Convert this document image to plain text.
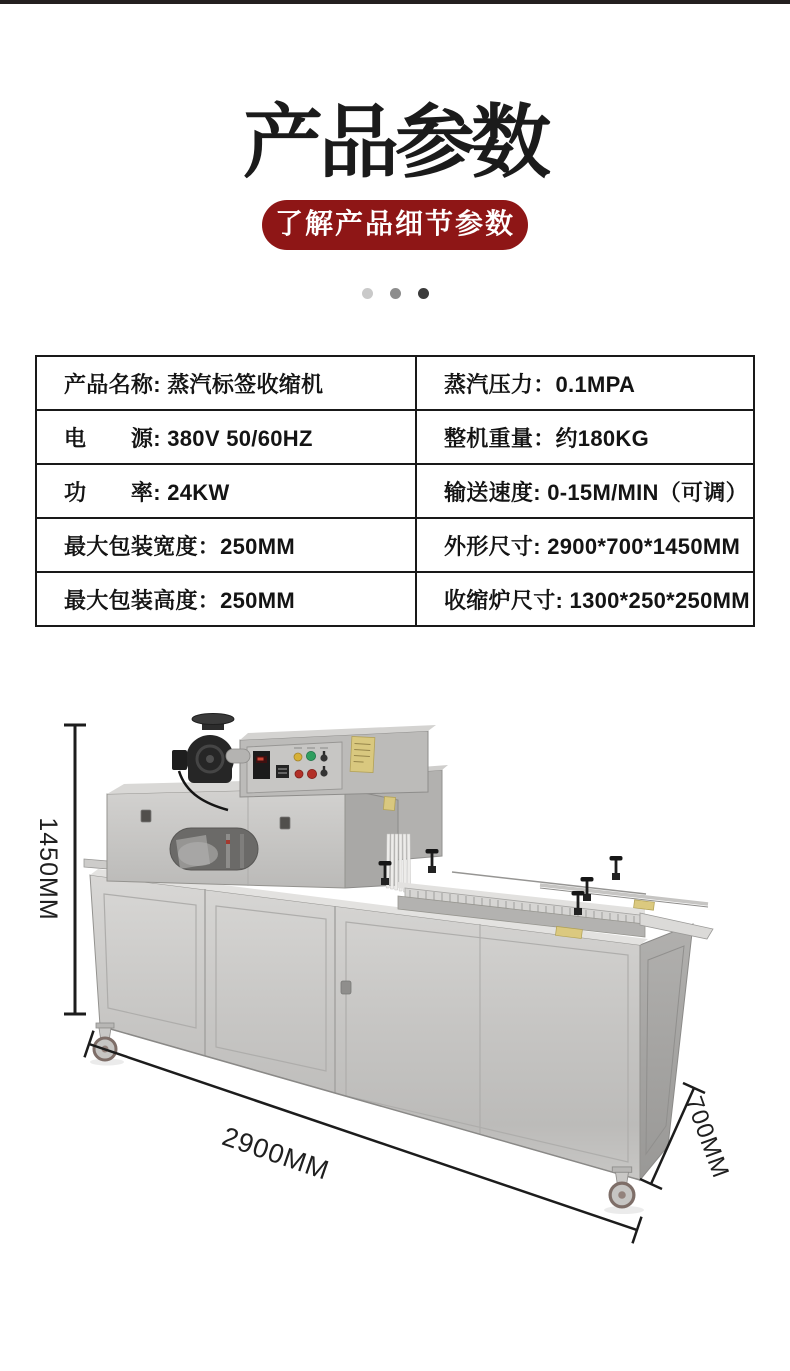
产品参数
了解产品细节参数
产品名称: 蒸汽标签收缩机	蒸汽压力：0.1MPA
电　　源: 380V 50/60HZ	整机重量：约180KG
功　　率: 24KW	输送速度: 0-15M/MIN（可调）
最大包装宽度：250MM	外形尺寸: 2900*700*1450MM
最大包装高度：250MM	收缩炉尺寸: 1300*250*250MM
1450MM
2900MM	700MM
